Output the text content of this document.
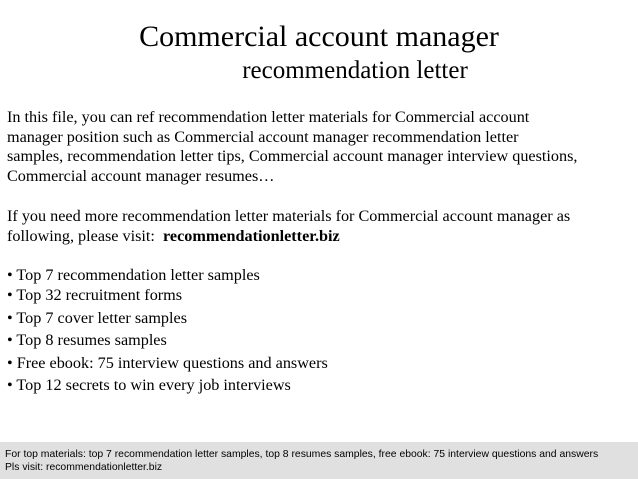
Commercial account manager
recommendation letter
In this file, you can ref recommendation letter materials for Commercial account
manager position such as Commercial account manager recommendation letter
samples, recommendation letter tips, Commercial account manager interview questions,
Commercial account manager resumes…
If you need more recommendation letter materials for Commercial account manager as
following, please visit:  recommendationletter.biz
• Top 7 recommendation letter samples
• Top 32 recruitment forms
• Top 7 cover letter samples
• Top 8 resumes samples
• Free ebook: 75 interview questions and answers
• Top 12 secrets to win every job interviews
For top materials: top 7 recommendation letter samples, top 8 resumes samples, free ebook: 75 interview questions and answers
Pls visit: recommendationletter.biz
